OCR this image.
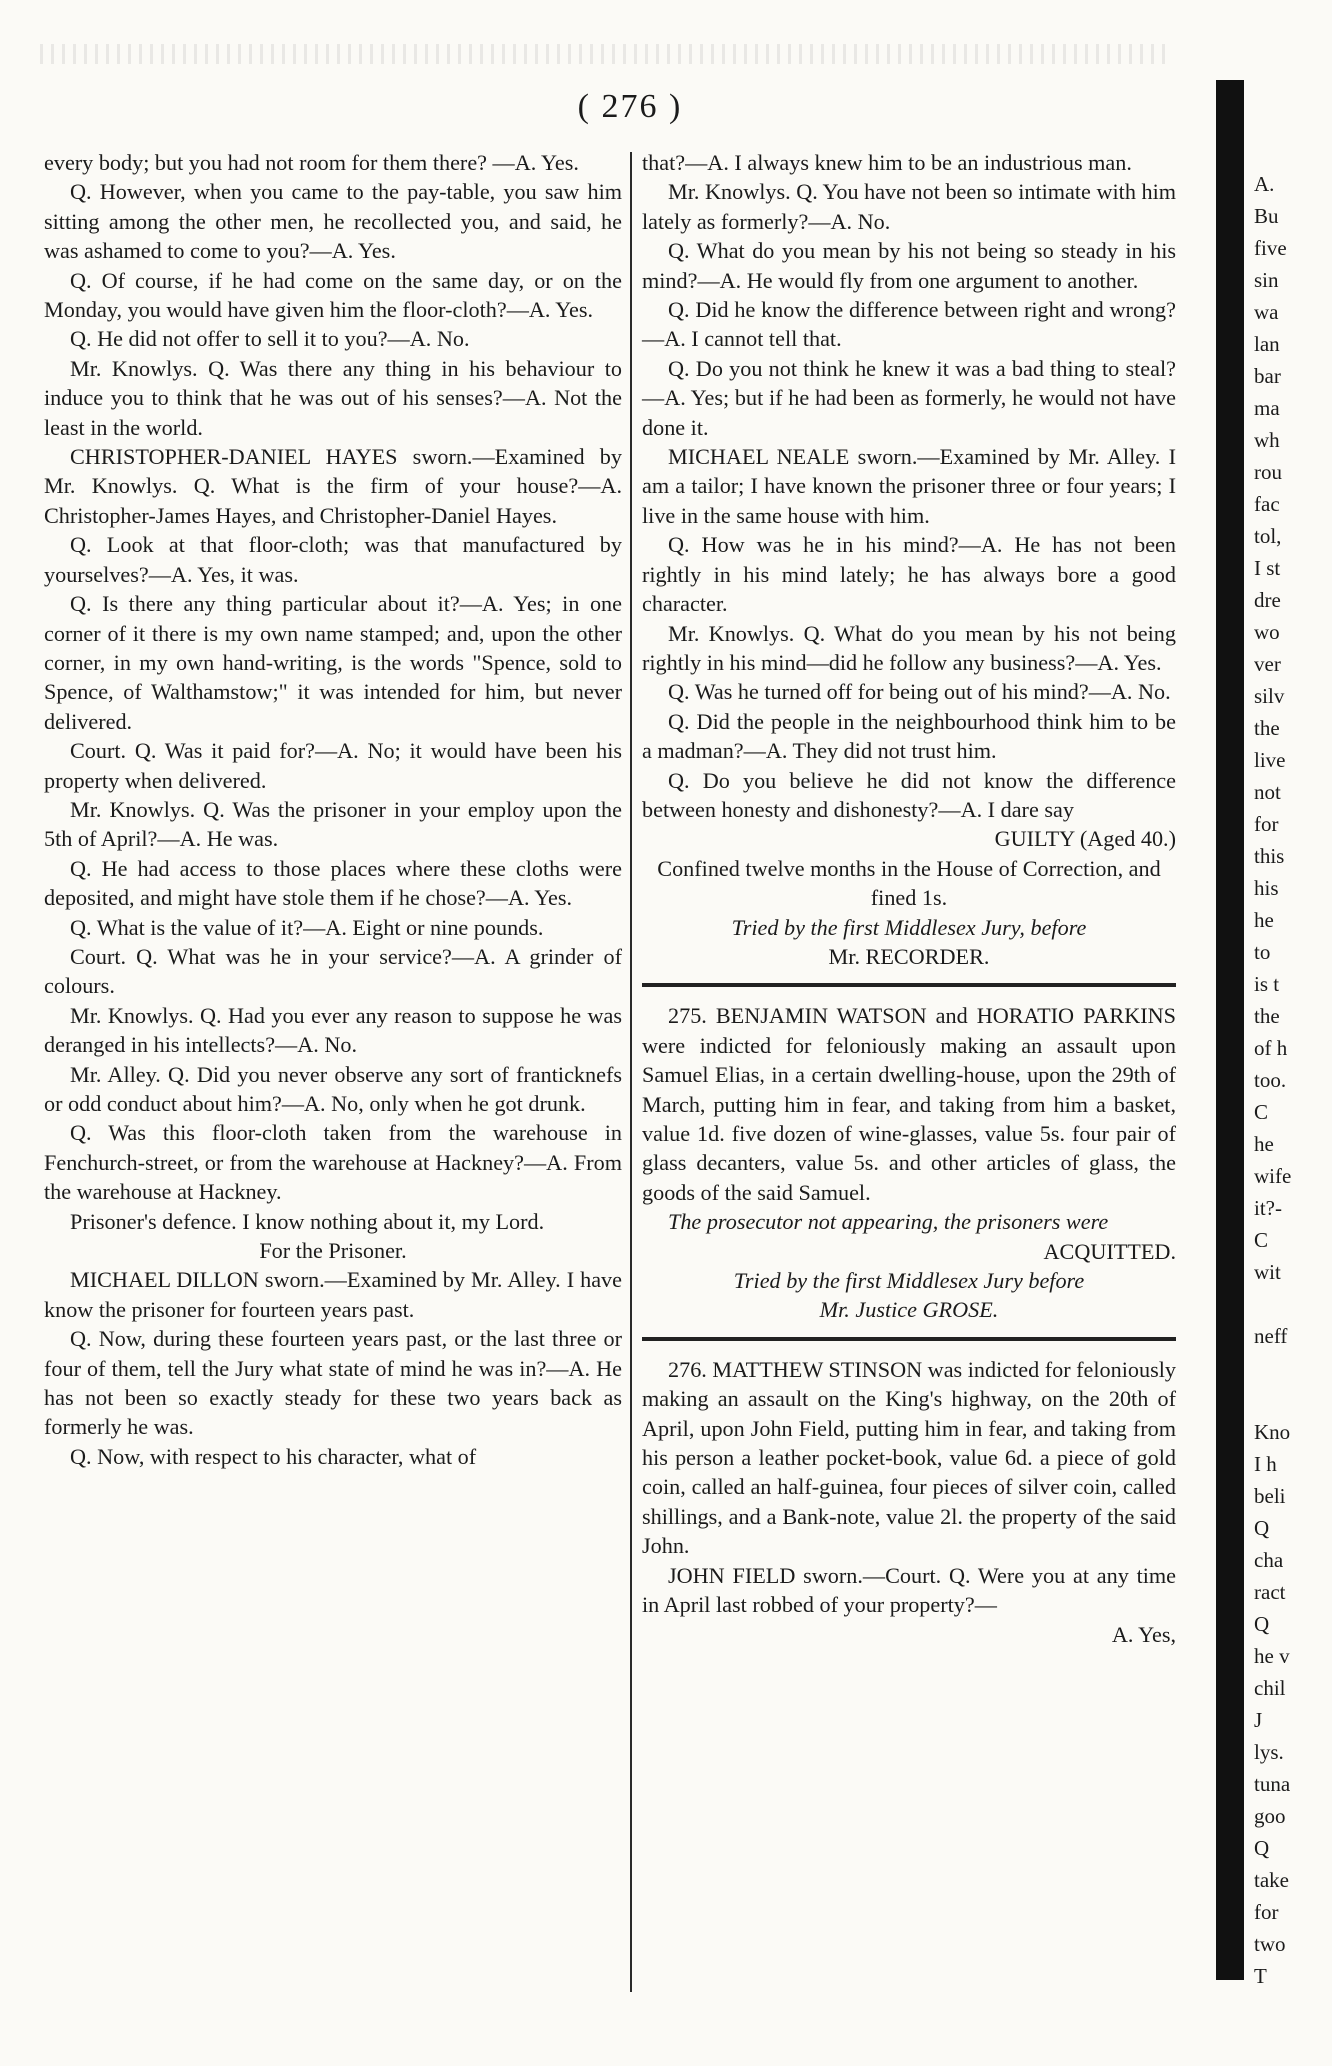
( 276 )

every body; but you had not room for them there? —A. Yes.

Q. However, when you came to the pay-table, you saw him sitting among the other men, he recollected you, and said, he was ashamed to come to you?—A. Yes.

Q. Of course, if he had come on the same day, or on the Monday, you would have given him the floor-cloth?—A. Yes.

Q. He did not offer to sell it to you?—A. No.

Mr. Knowlys. Q. Was there any thing in his behaviour to induce you to think that he was out of his senses?—A. Not the least in the world.

CHRISTOPHER-DANIEL HAYES sworn.—Examined by Mr. Knowlys. Q. What is the firm of your house?—A. Christopher-James Hayes, and Christopher-Daniel Hayes.

Q. Look at that floor-cloth; was that manufactured by yourselves?—A. Yes, it was.

Q. Is there any thing particular about it?—A. Yes; in one corner of it there is my own name stamped; and, upon the other corner, in my own hand-writing, is the words "Spence, sold to Spence, of Walthamstow;" it was intended for him, but never delivered.

Court. Q. Was it paid for?—A. No; it would have been his property when delivered.

Mr. Knowlys. Q. Was the prisoner in your employ upon the 5th of April?—A. He was.

Q. He had access to those places where these cloths were deposited, and might have stole them if he chose?—A. Yes.

Q. What is the value of it?—A. Eight or nine pounds.

Court. Q. What was he in your service?—A. A grinder of colours.

Mr. Knowlys. Q. Had you ever any reason to suppose he was deranged in his intellects?—A. No.

Mr. Alley. Q. Did you never observe any sort of franticknefs or odd conduct about him?—A. No, only when he got drunk.

Q. Was this floor-cloth taken from the warehouse in Fenchurch-street, or from the warehouse at Hackney?—A. From the warehouse at Hackney.

Prisoner's defence. I know nothing about it, my Lord.

For the Prisoner.

MICHAEL DILLON sworn.—Examined by Mr. Alley. I have know the prisoner for fourteen years past.

Q. Now, during these fourteen years past, or the last three or four of them, tell the Jury what state of mind he was in?—A. He has not been so exactly steady for these two years back as formerly he was.

Q. Now, with respect to his character, what of

that?—A. I always knew him to be an industrious man.

Mr. Knowlys. Q. You have not been so intimate with him lately as formerly?—A. No.

Q. What do you mean by his not being so steady in his mind?—A. He would fly from one argument to another.

Q. Did he know the difference between right and wrong?—A. I cannot tell that.

Q. Do you not think he knew it was a bad thing to steal?—A. Yes; but if he had been as formerly, he would not have done it.

MICHAEL NEALE sworn.—Examined by Mr. Alley. I am a tailor; I have known the prisoner three or four years; I live in the same house with him.

Q. How was he in his mind?—A. He has not been rightly in his mind lately; he has always bore a good character.

Mr. Knowlys. Q. What do you mean by his not being rightly in his mind—did he follow any business?—A. Yes.

Q. Was he turned off for being out of his mind?—A. No.

Q. Did the people in the neighbourhood think him to be a madman?—A. They did not trust him.

Q. Do you believe he did not know the difference between honesty and dishonesty?—A. I dare say

GUILTY (Aged 40.)

Confined twelve months in the House of Correction, and fined 1s.

Tried by the first Middlesex Jury, before

Mr. RECORDER.

275. BENJAMIN WATSON and HORATIO PARKINS were indicted for feloniously making an assault upon Samuel Elias, in a certain dwelling-house, upon the 29th of March, putting him in fear, and taking from him a basket, value 1d. five dozen of wine-glasses, value 5s. four pair of glass decanters, value 5s. and other articles of glass, the goods of the said Samuel.

The prosecutor not appearing, the prisoners were

ACQUITTED.

Tried by the first Middlesex Jury before

Mr. Justice GROSE.

276. MATTHEW STINSON was indicted for feloniously making an assault on the King's highway, on the 20th of April, upon John Field, putting him in fear, and taking from his person a leather pocket-book, value 6d. a piece of gold coin, called an half-guinea, four pieces of silver coin, called shillings, and a Bank-note, value 2l. the property of the said John.

JOHN FIELD sworn.—Court. Q. Were you at any time in April last robbed of your property?—

A. Yes,

A.
Bu
five
sin
wa
lan
bar
ma
wh
rou
fac
tol,
I st
dre
wo
ver
silv
the
live
not
for
this
his
he
to
is t
the
of h
too.
C
he
wife
it?-
C
wit

neff

Kno
I h
beli
Q
cha
ract
Q
he v
chil
J
lys.
tuna
goo
Q
take
for
two
T
